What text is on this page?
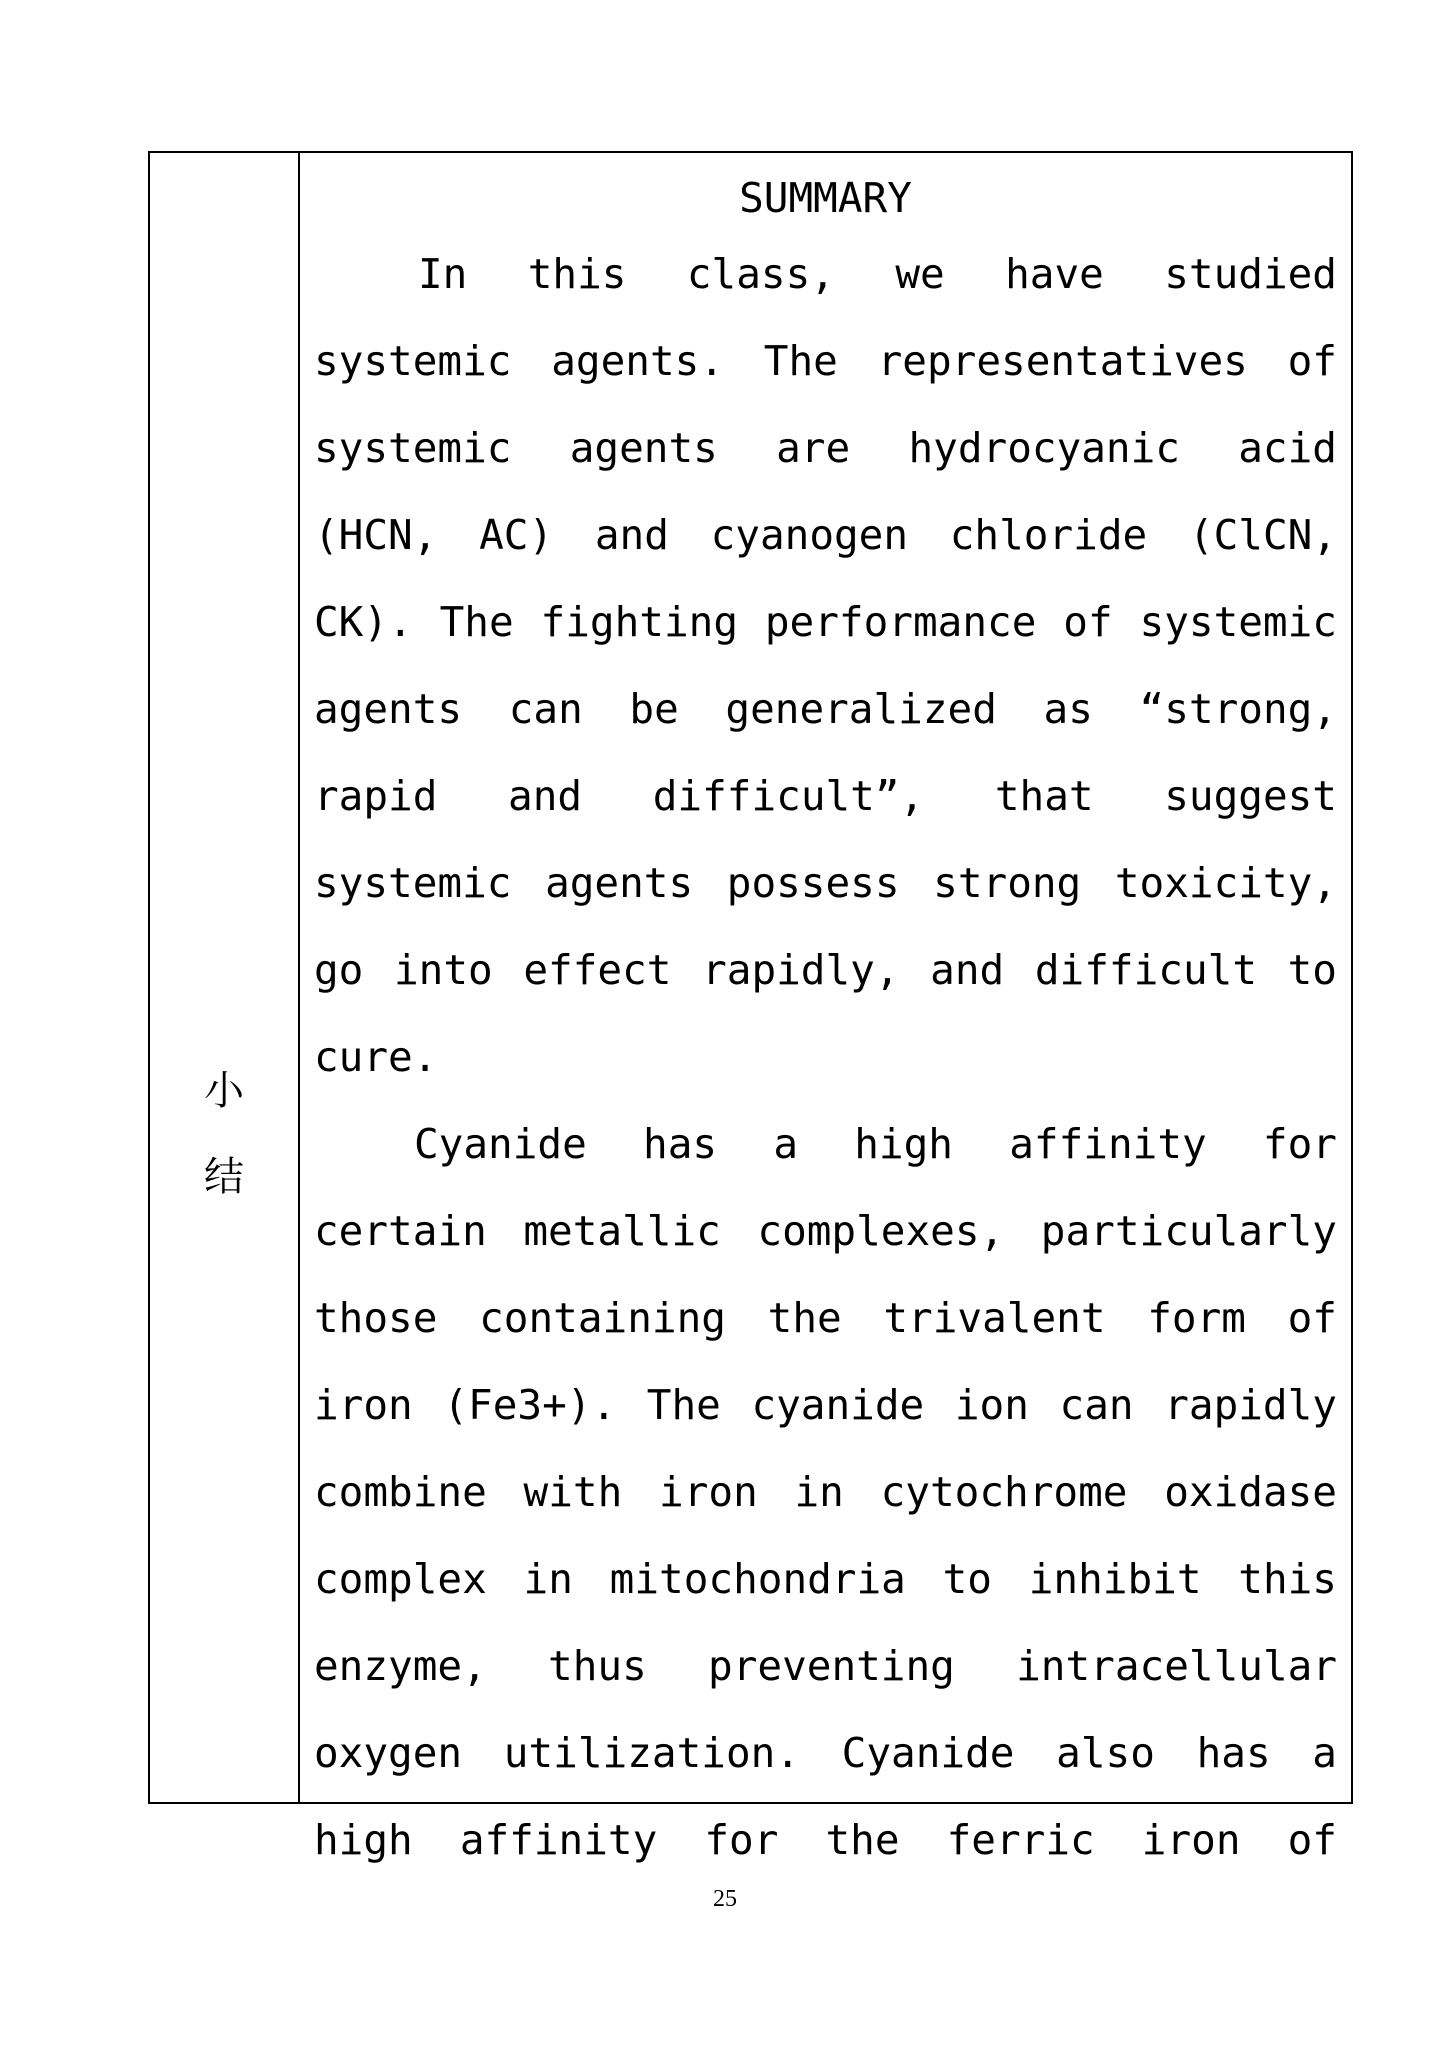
小
结
SUMMARY

In this class, we have studied systemic agents. The representatives of systemic agents are hydrocyanic acid (HCN, AC) and cyanogen chloride (ClCN, CK). The fighting performance of systemic agents can be generalized as “strong, rapid and difficult”, that suggest systemic agents possess strong toxicity, go into effect rapidly, and difficult to cure.

Cyanide has a high affinity for certain metallic complexes, particularly those containing the trivalent form of iron (Fe3+). The cyanide ion can rapidly combine with iron in cytochrome oxidase complex in mitochondria to inhibit this enzyme, thus preventing intracellular oxygen utilization. Cyanide also has a high affinity for the ferric iron of

25
